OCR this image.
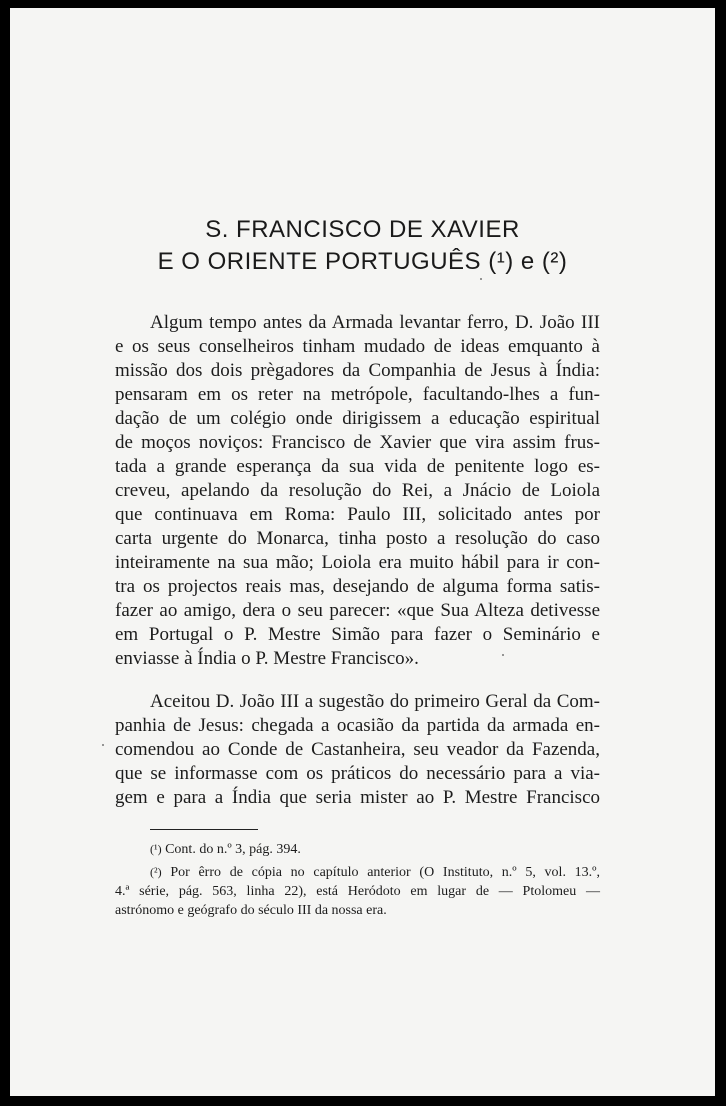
S. FRANCISCO DE XAVIER
E O ORIENTE PORTUGUÊS (¹) e (²)
Algum tempo antes da Armada levantar ferro, D. João III
e os seus conselheiros tinham mudado de ideas emquanto à
missão dos dois prègadores da Companhia de Jesus à Índia:
pensaram em os reter na metrópole, facultando-lhes a fun-
dação de um colégio onde dirigissem a educação espiritual
de moços noviços: Francisco de Xavier que vira assim frus-
tada a grande esperança da sua vida de penitente logo es-
creveu, apelando da resolução do Rei, a Jnácio de Loiola
que continuava em Roma: Paulo III, solicitado antes por
carta urgente do Monarca, tinha posto a resolução do caso
inteiramente na sua mão; Loiola era muito hábil para ir con-
tra os projectos reais mas, desejando de alguma forma satis-
fazer ao amigo, dera o seu parecer: «que Sua Alteza detivesse
em Portugal o P. Mestre Simão para fazer o Seminário e
enviasse à Índia o P. Mestre Francisco».
Aceitou D. João III a sugestão do primeiro Geral da Com-
panhia de Jesus: chegada a ocasião da partida da armada en-
comendou ao Conde de Castanheira, seu veador da Fazenda,
que se informasse com os práticos do necessário para a via-
gem e para a Índia que seria mister ao P. Mestre Francisco
(¹) Cont. do n.º 3, pág. 394.
(²) Por êrro de cópia no capítulo anterior (O Instituto, n.º 5, vol. 13.º,
4.ª série, pág. 563, linha 22), está Heródoto em lugar de — Ptolomeu —
astrónomo e geógrafo do século III da nossa era.
